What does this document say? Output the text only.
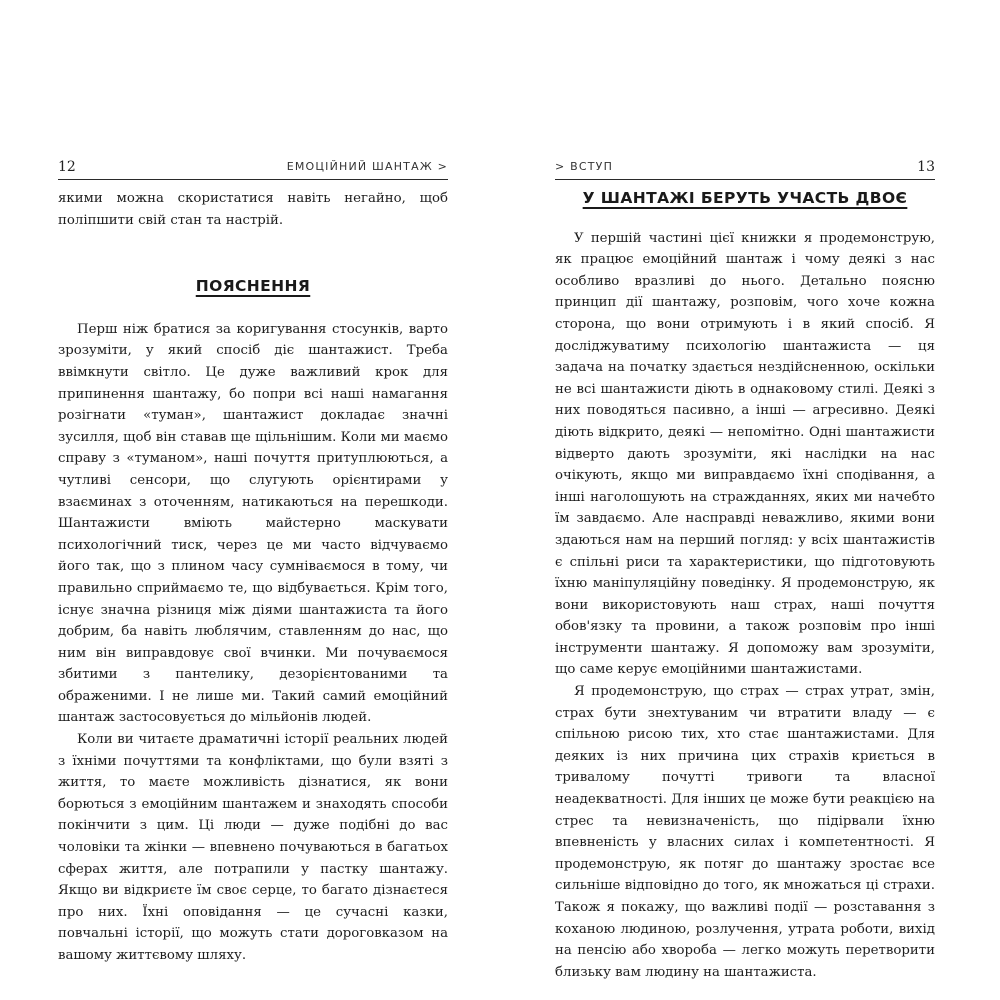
12	ЕМОЦІЙНИЙ ШАНТАЖ >

якими можна скористатися навіть негайно, щоб поліпшити свій стан та настрій.

ПОЯСНЕННЯ

Перш ніж братися за коригування стосунків, варто зрозуміти, у який спосіб діє шантажист. Треба ввімкнути світло. Це дуже важливий крок для припинення шантажу, бо попри всі наші намагання розігнати «туман», шантажист докладає значні зусилля, щоб він ставав ще щільнішим. Коли ми маємо справу з «туманом», наші почуття притуплюються, а чутливі сенсори, що слугують орієнтирами у взаєминах з оточенням, натикаються на перешкоди. Шантажисти вміють майстерно маскувати психологічний тиск, через це ми часто відчуваємо його так, що з плином часу сумніваємося в тому, чи правильно сприймаємо те, що відбувається. Крім того, існує значна різниця між діями шантажиста та його добрим, ба навіть люблячим, ставленням до нас, що ним він виправдовує свої вчинки. Ми почуваємося збитими з пантелику, дезорієнтованими та ображеними. І не лише ми. Такий самий емоційний шантаж застосовується до мільйонів людей.

Коли ви читаєте драматичні історії реальних людей з їхніми почуттями та конфліктами, що були взяті з життя, то маєте можливість дізнатися, як вони борються з емоційним шантажем и знаходять способи покінчити з цим. Ці люди — дуже подібні до вас чоловіки та жінки — впевнено почуваються в багатьох сферах життя, але потрапили у пастку шантажу. Якщо ви відкриєте їм своє серце, то багато дізнаєтеся про них. Їхні оповідання — це сучасні казки, повчальні історії, що можуть стати дороговказом на вашому життєвому шляху.

> ВСТУП	13
У ШАНТАЖІ БЕРУТЬ УЧАСТЬ ДВОЄ

У першій частині цієї книжки я продемонструю, як працює емоційний шантаж і чому деякі з нас особливо вразливі до нього. Детально поясню принцип дії шантажу, розповім, чого хоче кожна сторона, що вони отримують і в який спосіб. Я досліджуватиму психологію шантажиста — ця задача на початку здається нездійсненною, оскільки не всі шантажисти діють в однаковому стилі. Деякі з них поводяться пасивно, а інші — агресивно. Деякі діють відкрито, деякі — непомітно. Одні шантажисти відверто дають зрозуміти, які наслідки на нас очікують, якщо ми виправдаємо їхні сподівання, а інші наголошують на стражданнях, яких ми начебто їм завдаємо. Але насправді неважливо, якими вони здаються нам на перший погляд: у всіх шантажистів є спільні риси та характеристики, що підготовують їхню маніпуляційну поведінку. Я продемонструю, як вони використовують наш страх, наші почуття обов'язку та провини, а також розповім про інші інструменти шантажу. Я допоможу вам зрозуміти, що саме керує емоційними шантажистами.

Я продемонструю, що страх — страх утрат, змін, страх бути знехтуваним чи втратити владу — є спільною рисою тих, хто стає шантажистами. Для деяких із них причина цих страхів криється в тривалому почутті тривоги та власної неадекватності. Для інших це може бути реакцією на стрес та невизначеність, що підірвали їхню впевненість у власних силах і компетентності. Я продемонструю, як потяг до шантажу зростає все сильніше відповідно до того, як множаться ці страхи. Також я покажу, що важливі події — розставання з коханою людиною, розлучення, утрата роботи, вихід на пенсію або хвороба — легко можуть перетворити близьку вам людину на шантажиста.
